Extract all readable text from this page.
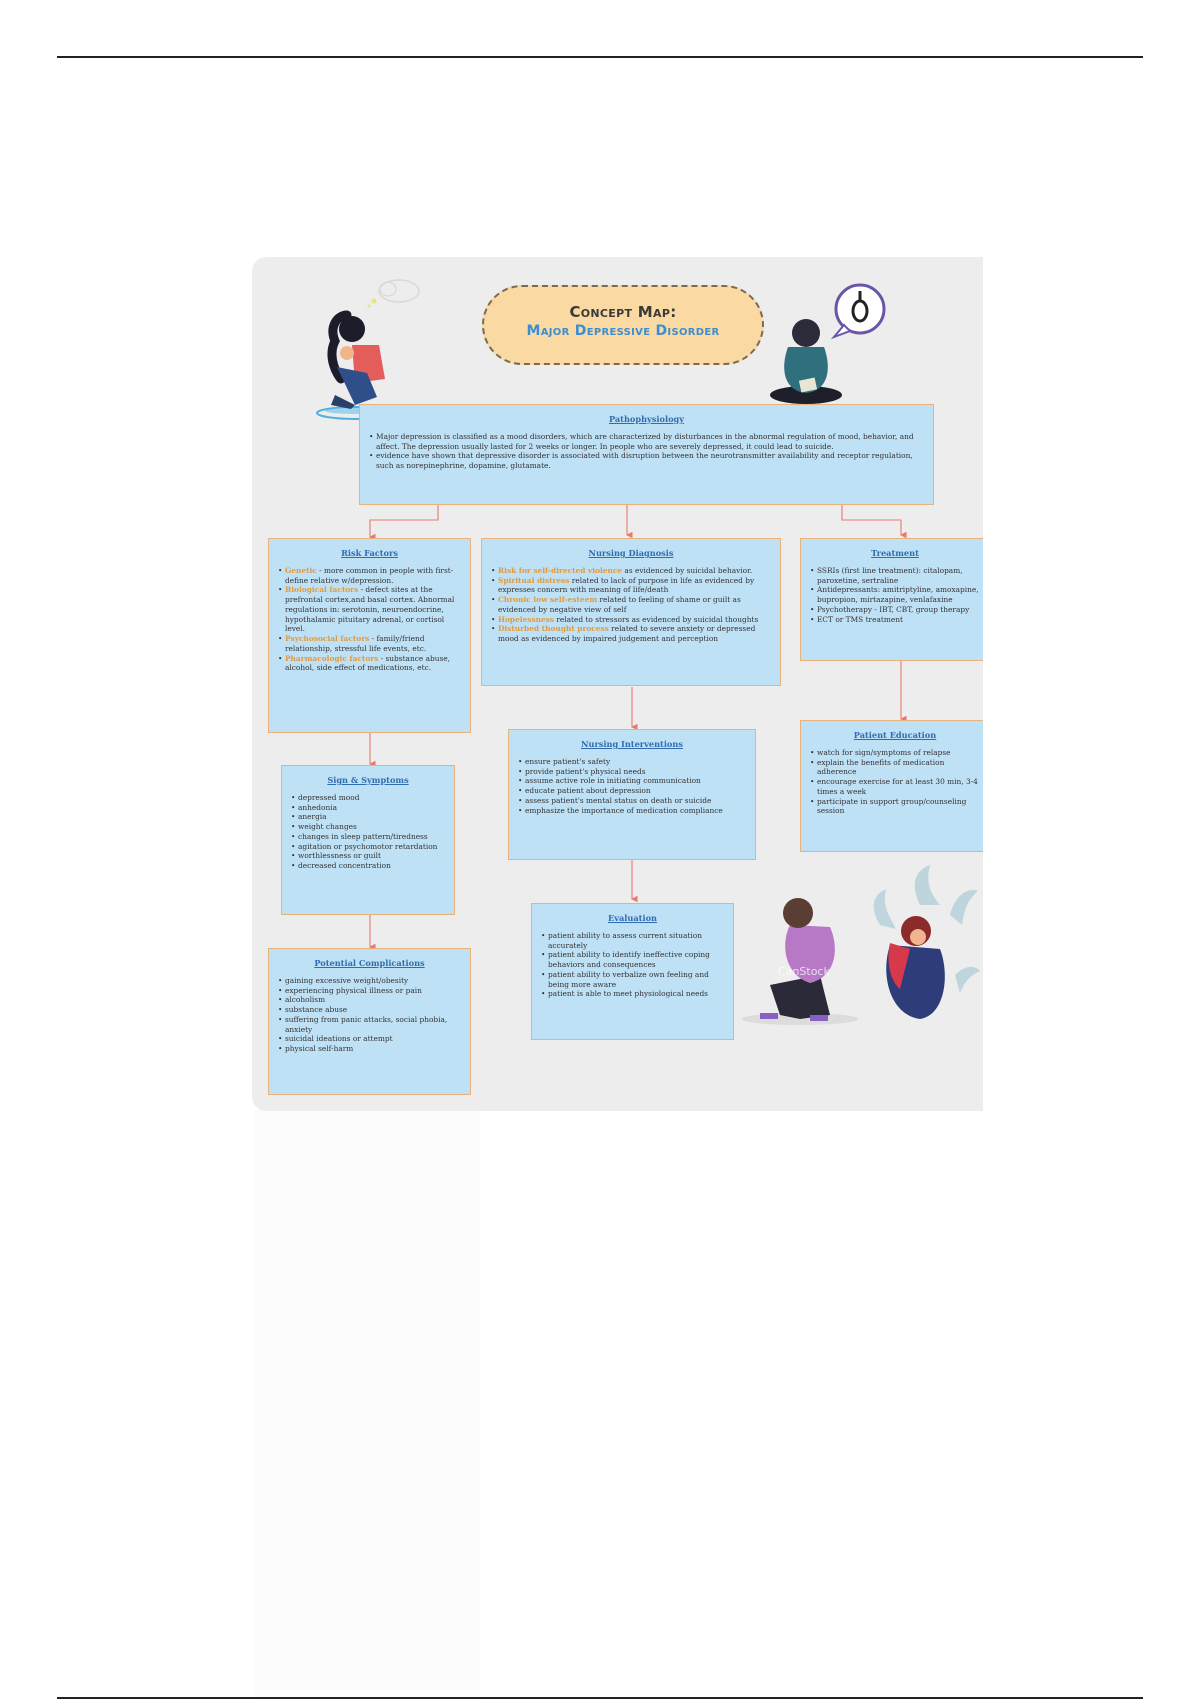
Concept Map:
Major Depressive Disorder
Pathophysiology
• Major depression is classified as a mood disorders, which are characterized by disturbances in the abnormal regulation of mood, behavior, and affect. The depression usually lasted for 2 weeks or longer. In people who are severely depressed, it could lead to suicide.
• evidence have shown that depressive disorder is associated with disruption between the neurotransmitter availability and receptor regulation, such as norepinephrine, dopamine, glutamate.
Risk Factors
• Genetic - more common in people with first-define relative w/depression.
• Biological factors - defect sites at the prefrontal cortex,and basal cortex. Abnormal regulations in: serotonin, neuroendocrine, hypothalamic pituitary adrenal, or cortisol level.
• Psychosocial factors - family/friend relationship, stressful life events, etc.
• Pharmacologic factors - substance abuse, alcohol, side effect of medications, etc.
Nursing Diagnosis
• Risk for self-directed violence as evidenced by suicidal behavior.
• Spiritual distress related to lack of purpose in life as evidenced by expresses concern with meaning of life/death
• Chronic low self-esteem related to feeling of shame or guilt as evidenced by negative view of self
• Hopelessness related to stressors as evidenced by suicidal thoughts
• Disturbed thought process related to severe anxiety or depressed mood as evidenced by impaired judgement and perception
Treatment
• SSRIs (first line treatment): citalopam, paroxetine, sertraline
• Antidepressants: amitriptyline, amoxapine, bupropion, mirtazapine, venlafaxine
• Psychotherapy - IBT, CBT, group therapy
• ECT or TMS treatment
Sign & Symptoms
• depressed mood
• anhedonia
• anergia
• weight changes
• changes in sleep pattern/tiredness
• agitation or psychomotor retardation
• worthlessness or guilt
• decreased concentration
Nursing Interventions
• ensure patient's safety
• provide patient's physical needs
• assume active role in initiating communication
• educate patient about depression
• assess patient's mental status on death or suicide
• emphasize the importance of medication compliance
Patient Education
• watch for sign/symptoms of relapse
• explain the benefits of medication adherence
• encourage exercise for at least 30 min, 3-4 times a week
• participate in support group/counseling session
Potential Complications
• gaining excessive weight/obesity
• experiencing physical illness or pain
• alcoholism
• substance abuse
• suffering from panic attacks, social phobia, anxiety
• suicidal ideations or attempt
• physical self-harm
Evaluation
• patient ability to assess current situation accurately
• patient ability to identify ineffective coping behaviors and consequences
• patient ability to verbalize own feeling and being more aware
• patient is able to meet physiological needs
CanStock
